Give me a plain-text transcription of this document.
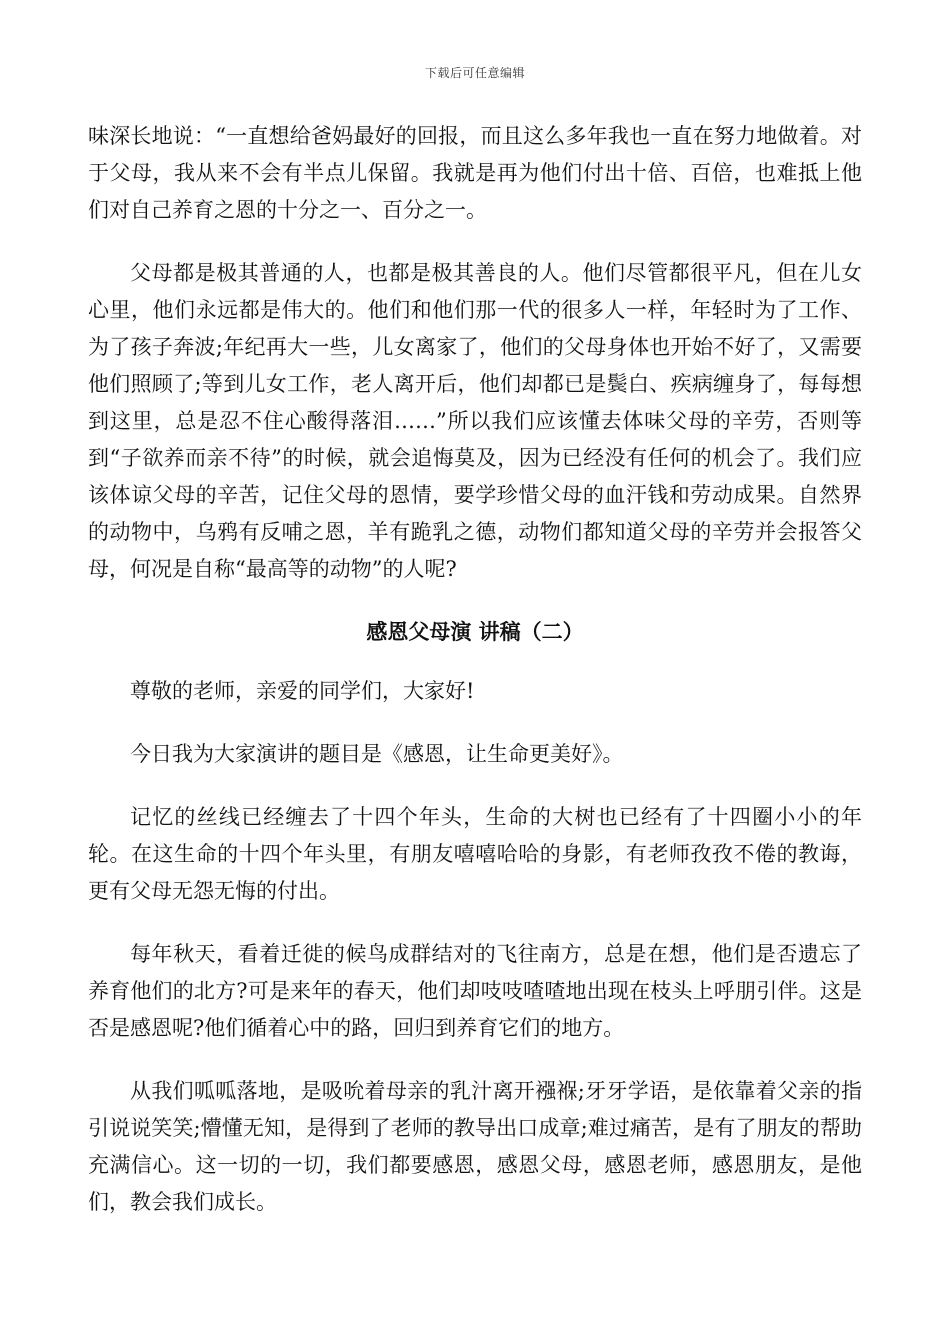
下载后可任意编辑

味深长地说：“一直想给爸妈最好的回报，而且这么多年我也一直在努力地做着。对于父母，我从来不会有半点儿保留。我就是再为他们付出十倍、百倍，也难抵上他们对自己养育之恩的十分之一、百分之一。

父母都是极其普通的人，也都是极其善良的人。他们尽管都很平凡，但在儿女心里，他们永远都是伟大的。他们和他们那一代的很多人一样，年轻时为了工作、为了孩子奔波;年纪再大一些，儿女离家了，他们的父母身体也开始不好了，又需要他们照顾了;等到儿女工作，老人离开后，他们却都已是鬓白、疾病缠身了，每每想到这里，总是忍不住心酸得落泪……”所以我们应该懂去体味父母的辛劳，否则等到“子欲养而亲不待”的时候，就会追悔莫及，因为已经没有任何的机会了。我们应该体谅父母的辛苦，记住父母的恩情，要学珍惜父母的血汗钱和劳动成果。自然界的动物中，乌鸦有反哺之恩，羊有跪乳之德，动物们都知道父母的辛劳并会报答父母，何况是自称“最高等的动物”的人呢?

感恩父母演 讲稿（二）

尊敬的老师，亲爱的同学们，大家好!

今日我为大家演讲的题目是《感恩，让生命更美好》。

记忆的丝线已经缠去了十四个年头，生命的大树也已经有了十四圈小小的年轮。在这生命的十四个年头里，有朋友嘻嘻哈哈的身影，有老师孜孜不倦的教诲，更有父母无怨无悔的付出。

每年秋天，看着迁徙的候鸟成群结对的飞往南方，总是在想，他们是否遗忘了养育他们的北方?可是来年的春天，他们却吱吱喳喳地出现在枝头上呼朋引伴。这是否是感恩呢?他们循着心中的路，回归到养育它们的地方。

从我们呱呱落地，是吸吮着母亲的乳汁离开襁褓;牙牙学语，是依靠着父亲的指引说说笑笑;懵懂无知，是得到了老师的教导出口成章;难过痛苦，是有了朋友的帮助充满信心。这一切的一切，我们都要感恩，感恩父母，感恩老师，感恩朋友，是他们，教会我们成长。
